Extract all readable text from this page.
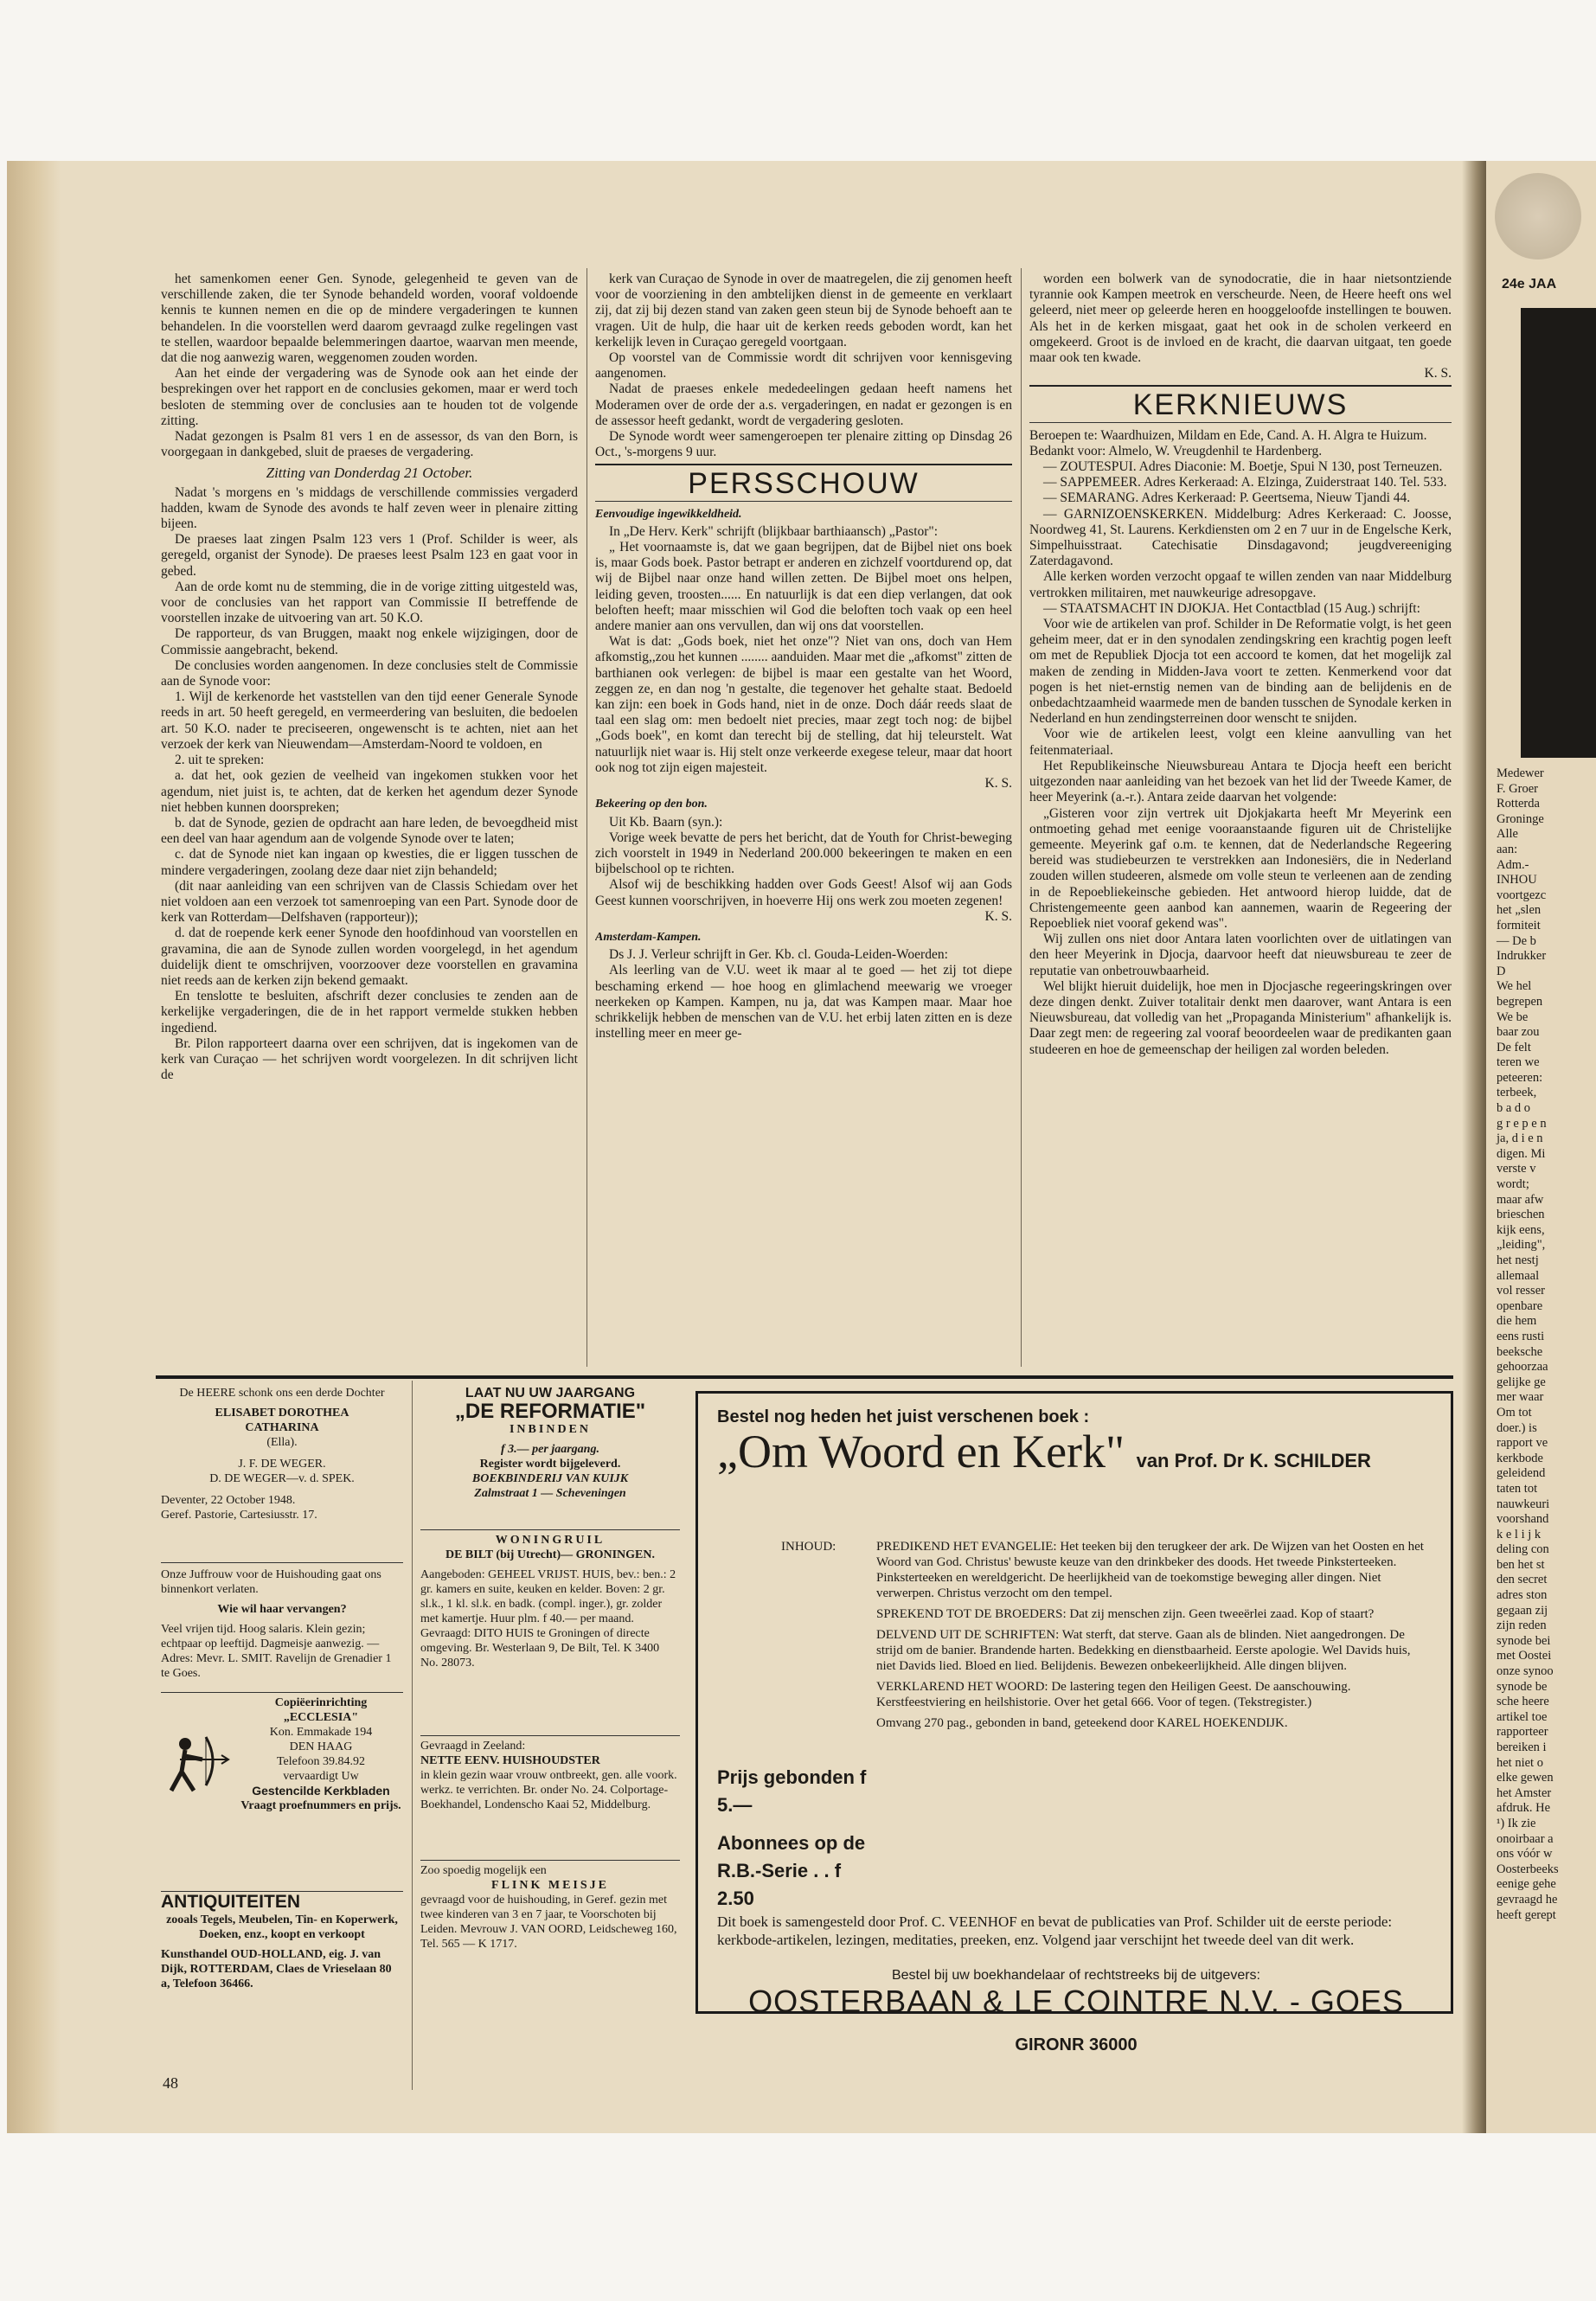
het samenkomen eener Gen. Synode, gelegenheid te geven van de verschillende zaken, die ter Synode behandeld worden, vooraf voldoende kennis te kunnen nemen en die op de mindere vergaderingen te kunnen behandelen. In die voorstellen werd daarom gevraagd zulke regelingen vast te stellen, waardoor bepaalde belemmeringen daartoe, waarvan men meende, dat die nog aanwezig waren, weggenomen zouden worden.

Aan het einde der vergadering was de Synode ook aan het einde der besprekingen over het rapport en de conclusies gekomen, maar er werd toch besloten de stemming over de conclusies aan te houden tot de volgende zitting.

Nadat gezongen is Psalm 81 vers 1 en de assessor, ds van den Born, is voorgegaan in dankgebed, sluit de praeses de vergadering.

Zitting van Donderdag 21 October.

Nadat 's morgens en 's middags de verschillende commissies vergaderd hadden, kwam de Synode des avonds te half zeven weer in plenaire zitting bijeen.

De praeses laat zingen Psalm 123 vers 1 (Prof. Schilder is weer, als geregeld, organist der Synode). De praeses leest Psalm 123 en gaat voor in gebed.

Aan de orde komt nu de stemming, die in de vorige zitting uitgesteld was, voor de conclusies van het rapport van Commissie II betreffende de voorstellen inzake de uitvoering van art. 50 K.O.

De rapporteur, ds van Bruggen, maakt nog enkele wijzigingen, door de Commissie aangebracht, bekend.

De conclusies worden aangenomen. In deze conclusies stelt de Commissie aan de Synode voor:

1. Wijl de kerkenorde het vaststellen van den tijd eener Generale Synode reeds in art. 50 heeft geregeld, en vermeerdering van besluiten, die bedoelen art. 50 K.O. nader te preciseeren, ongewenscht is te achten, niet aan het verzoek der kerk van Nieuwendam—Amsterdam-Noord te voldoen, en

2. uit te spreken:

a. dat het, ook gezien de veelheid van ingekomen stukken voor het agendum, niet juist is, te achten, dat de kerken het agendum dezer Synode niet hebben kunnen doorspreken;

b. dat de Synode, gezien de opdracht aan hare leden, de bevoegdheid mist een deel van haar agendum aan de volgende Synode over te laten;

c. dat de Synode niet kan ingaan op kwesties, die er liggen tusschen de mindere vergaderingen, zoolang deze daar niet zijn behandeld;

(dit naar aanleiding van een schrijven van de Classis Schiedam over het niet voldoen aan een verzoek tot samenroeping van een Part. Synode door de kerk van Rotterdam—Delfshaven (rapporteur));

d. dat de roepende kerk eener Synode den hoofdinhoud van voorstellen en gravamina, die aan de Synode zullen worden voorgelegd, in het agendum duidelijk dient te omschrijven, voorzoover deze voorstellen en gravamina niet reeds aan de kerken zijn bekend gemaakt.

En tenslotte te besluiten, afschrift dezer conclusies te zenden aan de kerkelijke vergaderingen, die de in het rapport vermelde stukken hebben ingediend.

Br. Pilon rapporteert daarna over een schrijven, dat is ingekomen van de kerk van Curaçao — het schrijven wordt voorgelezen. In dit schrijven licht de

kerk van Curaçao de Synode in over de maatregelen, die zij genomen heeft voor de voorziening in den ambtelijken dienst in de gemeente en verklaart zij, dat zij bij dezen stand van zaken geen steun bij de Synode behoeft aan te vragen. Uit de hulp, die haar uit de kerken reeds geboden wordt, kan het kerkelijk leven in Curaçao geregeld voortgaan.

Op voorstel van de Commissie wordt dit schrijven voor kennisgeving aangenomen.

Nadat de praeses enkele mededeelingen gedaan heeft namens het Moderamen over de orde der a.s. vergaderingen, en nadat er gezongen is en de assessor heeft gedankt, wordt de vergadering gesloten.

De Synode wordt weer samengeroepen ter plenaire zitting op Dinsdag 26 Oct., 's-morgens 9 uur.

PERSSCHOUW
Eenvoudige ingewikkeldheid.

In „De Herv. Kerk" schrijft (blijkbaar barthiaansch) „Pastor":

„ Het voornaamste is, dat we gaan begrijpen, dat de Bijbel niet ons boek is, maar Gods boek. Pastor betrapt er anderen en zichzelf voortdurend op, dat wij de Bijbel naar onze hand willen zetten. De Bijbel moet ons helpen, leiding geven, troosten...... En natuurlijk is dat een diep verlangen, dat ook beloften heeft; maar misschien wil God die beloften toch vaak op een heel andere manier aan ons vervullen, dan wij ons dat voorstellen.

Wat is dat: „Gods boek, niet het onze"? Niet van ons, doch van Hem afkomstig,,zou het kunnen ........ aanduiden. Maar met die „afkomst" zitten de barthianen ook verlegen: de bijbel is maar een gestalte van het Woord, zeggen ze, en dan nog 'n gestalte, die tegenover het gehalte staat. Bedoeld kan zijn: een boek in Gods hand, niet in de onze. Doch dáár reeds slaat de taal een slag om: men bedoelt niet precies, maar zegt toch nog: de bijbel „Gods boek", en komt dan terecht bij de stelling, dat hij teleurstelt. Wat natuurlijk niet waar is. Hij stelt onze verkeerde exegese teleur, maar dat hoort ook nog tot zijn eigen majesteit.

K. S.
Bekeering op den bon.

Uit Kb. Baarn (syn.):

Vorige week bevatte de pers het bericht, dat de Youth for Christ-beweging zich voorstelt in 1949 in Nederland 200.000 bekeeringen te maken en een bijbelschool op te richten.

Alsof wij de beschikking hadden over Gods Geest! Alsof wij aan Gods Geest kunnen voorschrijven, in hoeverre Hij ons werk zou moeten zegenen!

K. S.
Amsterdam-Kampen.

Ds J. J. Verleur schrijft in Ger. Kb. cl. Gouda-Leiden-Woerden:

Als leerling van de V.U. weet ik maar al te goed — het zij tot diepe beschaming erkend — hoe hoog en glimlachend meewarig we vroeger neerkeken op Kampen. Kampen, nu ja, dat was Kampen maar. Maar hoe schrikkelijk hebben de menschen van de V.U. het erbij laten zitten en is deze instelling meer en meer ge-

worden een bolwerk van de synodocratie, die in haar nietsontziende tyrannie ook Kampen meetrok en verscheurde. Neen, de Heere heeft ons wel geleerd, niet meer op geleerde heren en hooggeloofde instellingen te bouwen. Als het in de kerken misgaat, gaat het ook in de scholen verkeerd en omgekeerd. Groot is de invloed en de kracht, die daarvan uitgaat, ten goede maar ook ten kwade.

K. S.
KERKNIEUWS

Beroepen te: Waardhuizen, Mildam en Ede, Cand. A. H. Algra te Huizum.

Bedankt voor: Almelo, W. Vreugdenhil te Hardenberg.

— ZOUTESPUI. Adres Diaconie: M. Boetje, Spui N 130, post Terneuzen.

— SAPPEMEER. Adres Kerkeraad: A. Elzinga, Zuiderstraat 140. Tel. 533.

— SEMARANG. Adres Kerkeraad: P. Geertsema, Nieuw Tjandi 44.

— GARNIZOENSKERKEN. Middelburg: Adres Kerkeraad: C. Joosse, Noordweg 41, St. Laurens. Kerkdiensten om 2 en 7 uur in de Engelsche Kerk, Simpelhuisstraat. Catechisatie Dinsdagavond; jeugdvereeniging Zaterdagavond.

Alle kerken worden verzocht opgaaf te willen zenden van naar Middelburg vertrokken militairen, met nauwkeurige adresopgave.

— STAATSMACHT IN DJOKJA. Het Contactblad (15 Aug.) schrijft:

Voor wie de artikelen van prof. Schilder in De Reformatie volgt, is het geen geheim meer, dat er in den synodalen zendingskring een krachtig pogen leeft om met de Republiek Djocja tot een accoord te komen, dat het mogelijk zal maken de zending in Midden-Java voort te zetten. Kenmerkend voor dat pogen is het niet-ernstig nemen van de binding aan de belijdenis en de onbedachtzaamheid waarmede men de banden tusschen de Synodale kerken in Nederland en hun zendingsterreinen door wenscht te snijden.

Voor wie de artikelen leest, volgt een kleine aanvulling van het feitenmateriaal.

Het Republikeinsche Nieuwsbureau Antara te Djocja heeft een bericht uitgezonden naar aanleiding van het bezoek van het lid der Tweede Kamer, de heer Meyerink (a.-r.). Antara zeide daarvan het volgende:

„Gisteren voor zijn vertrek uit Djokjakarta heeft Mr Meyerink een ontmoeting gehad met eenige vooraanstaande figuren uit de Christelijke gemeente. Meyerink gaf o.m. te kennen, dat de Nederlandsche Regeering bereid was studiebeurzen te verstrekken aan Indonesiërs, die in Nederland zouden willen studeeren, alsmede om volle steun te verleenen aan de zending in de Repoebliekeinsche gebieden. Het antwoord hierop luidde, dat de Christengemeente geen aanbod kan aannemen, waarin de Regeering der Repoebliek niet vooraf gekend was".

Wij zullen ons niet door Antara laten voorlichten over de uitlatingen van den heer Meyerink in Djocja, daarvoor heeft dat nieuwsbureau te zeer de reputatie van onbetrouwbaarheid.

Wel blijkt hieruit duidelijk, hoe men in Djocjasche regeeringskringen over deze dingen denkt. Zuiver totalitair denkt men daarover, want Antara is een Nieuwsbureau, dat volledig van het „Propaganda Ministerium" afhankelijk is. Daar zegt men: de regeering zal vooraf beoordeelen waar de predikanten gaan studeeren en hoe de gemeenschap der heiligen zal worden beleden.

De HEERE schonk ons een derde Dochter
ELISABET DOROTHEA
CATHARINA
(Ella).
J. F. DE WEGER.
D. DE WEGER—v. d. SPEK.
Deventer, 22 October 1948.
Geref. Pastorie, Cartesiusstr. 17.
Onze Juffrouw voor de Huishouding gaat ons binnenkort verlaten.
Wie wil haar vervangen?
Veel vrijen tijd. Hoog salaris. Klein gezin; echtpaar op leeftijd. Dagmeisje aanwezig. — Adres: Mevr. L. SMIT. Ravelijn de Grenadier 1 te Goes.
Copiëerinrichting
„ECCLESIA"
Kon. Emmakade 194
DEN HAAG
Telefoon 39.84.92
vervaardigt Uw
Gestencilde Kerkbladen
Vraagt proefnummers en prijs.
ANTIQUITEITEN
zooals Tegels, Meubelen, Tin- en Koperwerk, Doeken, enz., koopt en verkoopt
Kunsthandel OUD-HOLLAND, eig. J. van Dijk, ROTTERDAM, Claes de Vrieselaan 80 a, Telefoon 36466.
LAAT NU UW JAARGANG
„DE REFORMATIE"
INBINDEN
f 3.— per jaargang.
Register wordt bijgeleverd.
BOEKBINDERIJ VAN KUIJK
Zalmstraat 1 — Scheveningen
WONINGRUIL
DE BILT (bij Utrecht)— GRONINGEN.
Aangeboden: GEHEEL VRIJST. HUIS, bev.: ben.: 2 gr. kamers en suite, keuken en kelder. Boven: 2 gr. sl.k., 1 kl. sl.k. en badk. (compl. inger.), gr. zolder met kamertje. Huur plm. f 40.— per maand.
Gevraagd: DITO HUIS te Groningen of directe omgeving. Br. Westerlaan 9, De Bilt, Tel. K 3400 No. 28073.
Gevraagd in Zeeland:
NETTE EENV. HUISHOUDSTER
in klein gezin waar vrouw ontbreekt, gen. alle voork. werkz. te verrichten. Br. onder No. 24. Colportage-Boekhandel, Londenscho Kaai 52, Middelburg.
Zoo spoedig mogelijk een
FLINK MEISJE
gevraagd voor de huishouding, in Geref. gezin met twee kinderen van 3 en 7 jaar, te Voorschoten bij Leiden. Mevrouw J. VAN OORD, Leidscheweg 160, Tel. 565 — K 1717.
Bestel nog heden het juist verschenen boek :
„Om Woord en Kerk" van Prof. Dr K. SCHILDER
INHOUD:	PREDIKEND HET EVANGELIE: Het teeken bij den terugkeer der ark. De Wijzen van het Oosten en het Woord van God. Christus' bewuste keuze van den drinkbeker des doods. Het tweede Pinksterteeken. Pinksterteeken en wereldgericht. De heerlijkheid van de toekomstige beweging aller dingen. Niet verwerpen. Christus verzocht om den tempel.
SPREKEND TOT DE BROEDERS: Dat zij menschen zijn. Geen tweeërlei zaad. Kop of staart?
DELVEND UIT DE SCHRIFTEN: Wat sterft, dat sterve. Gaan als de blinden. Niet aangedrongen. De strijd om de banier. Brandende harten. Bedekking en dienstbaarheid. Eerste apologie. Wel Davids huis, niet Davids lied. Bloed en lied. Belijdenis. Bewezen onbekeerlijkheid. Alle dingen blijven.
VERKLAREND HET WOORD: De lastering tegen den Heiligen Geest. De aanschouwing. Kerstfeestviering en heilshistorie. Over het getal 666. Voor of tegen. (Tekstregister.)
Omvang 270 pag., gebonden in band, geteekend door KAREL HOEKENDIJK.
Prijs gebonden f 5.—
Abonnees op de
R.B.-Serie . . f 2.50
Dit boek is samengesteld door Prof. C. VEENHOF en bevat de publicaties van Prof. Schilder uit de eerste periode: kerkbode-artikelen, lezingen, meditaties, preeken, enz. Volgend jaar verschijnt het tweede deel van dit werk.
Bestel bij uw boekhandelaar of rechtstreeks bij de uitgevers:
OOSTERBAAN & LE COINTRE N.V. - GOES
GIRONR 36000
48
24e JAA
Medewer
F. Groer
Rotterda
Groninge
Alle
aan:
Adm.-
INHOU
voortgezc
het „slen
formiteit
— De b
Indrukker
D
We hel
begrepen
We be
baar zou
De felt
teren we
peteeren:
terbeek,
b a d o
g r e p e n
ja, d i e n
digen. Mi
verste v
wordt;
maar afw
brieschen
kijk eens,
„leiding",
het nestj
allemaal
vol resser
openbare
die hem
eens rusti
beeksche
gehoorzaa
gelijke ge
mer waar
Om tot
doer.) is
rapport ve
kerkbode
geleidend
taten tot
nauwkeuri
voorshand
k e l i j k
deling con
ben het st
den secret
adres ston
gegaan zij
zijn reden
synode bei
met Oostei
onze synoo
synode be
sche heere
artikel toe
rapporteer
bereiken i
het niet o
elke gewen
het Amster
afdruk. He
¹) Ik zie
onoirbaar a
ons vóór w
Oosterbeeks
eenige gehe
gevraagd he
heeft gerept
